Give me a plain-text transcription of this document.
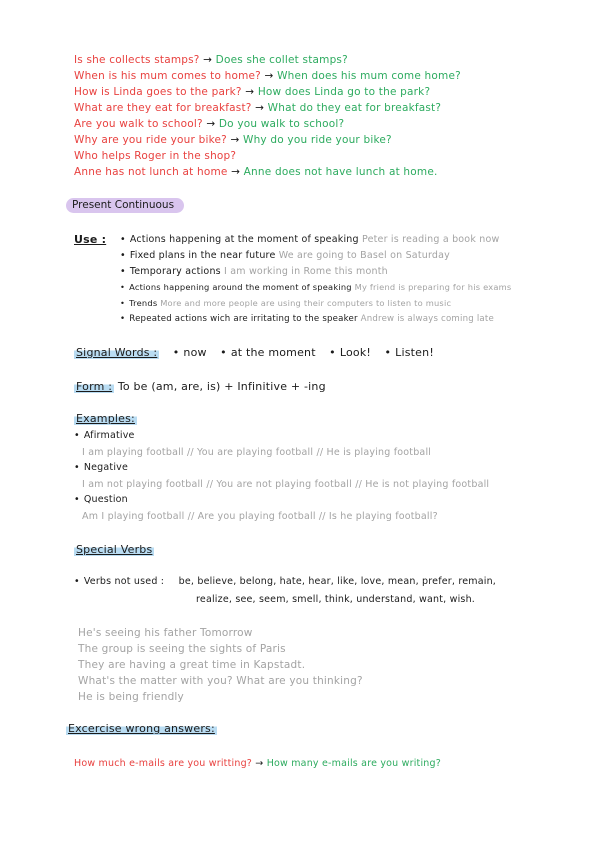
Is she collects stamps? → Does she collet stamps?
When is his mum comes to home? → When does his mum come home?
How is Linda goes to the park? → How does Linda go to the park?
What are they eat for breakfast? → What do they eat for breakfast?
Are you walk to school? → Do you walk to school?
Why are you ride your bike? → Why do you ride your bike?
Who helps Roger in the shop?
Anne has not lunch at home → Anne does not have lunch at home.
Present Continuous
Use :	• Actions happening at the moment of speaking Peter is reading a book now
• Fixed plans in the near future We are going to Basel on Saturday
• Temporary actions I am working in Rome this month
• Actions happening around the moment of speaking My friend is preparing for his exams
• Trends More and more people are using their computers to listen to music
• Repeated actions wich are irritating to the speaker Andrew is always coming late
Signal Words : • now • at the moment • Look! • Listen!
Form : To be (am, are, is) + Infinitive + -ing
Examples:
• Afirmative
I am playing football // You are playing football // He is playing football
• Negative
I am not playing football // You are not playing football // He is not playing football
• Question
Am I playing football // Are you playing football // Is he playing football?
Special Verbs
• Verbs not used : be, believe, belong, hate, hear, like, love, mean, prefer, remain,
realize, see, seem, smell, think, understand, want, wish.
He's seeing his father Tomorrow
The group is seeing the sights of Paris
They are having a great time in Kapstadt.
What's the matter with you? What are you thinking?
He is being friendly
Excercise wrong answers:
How much e-mails are you writting? → How many e-mails are you writing?
